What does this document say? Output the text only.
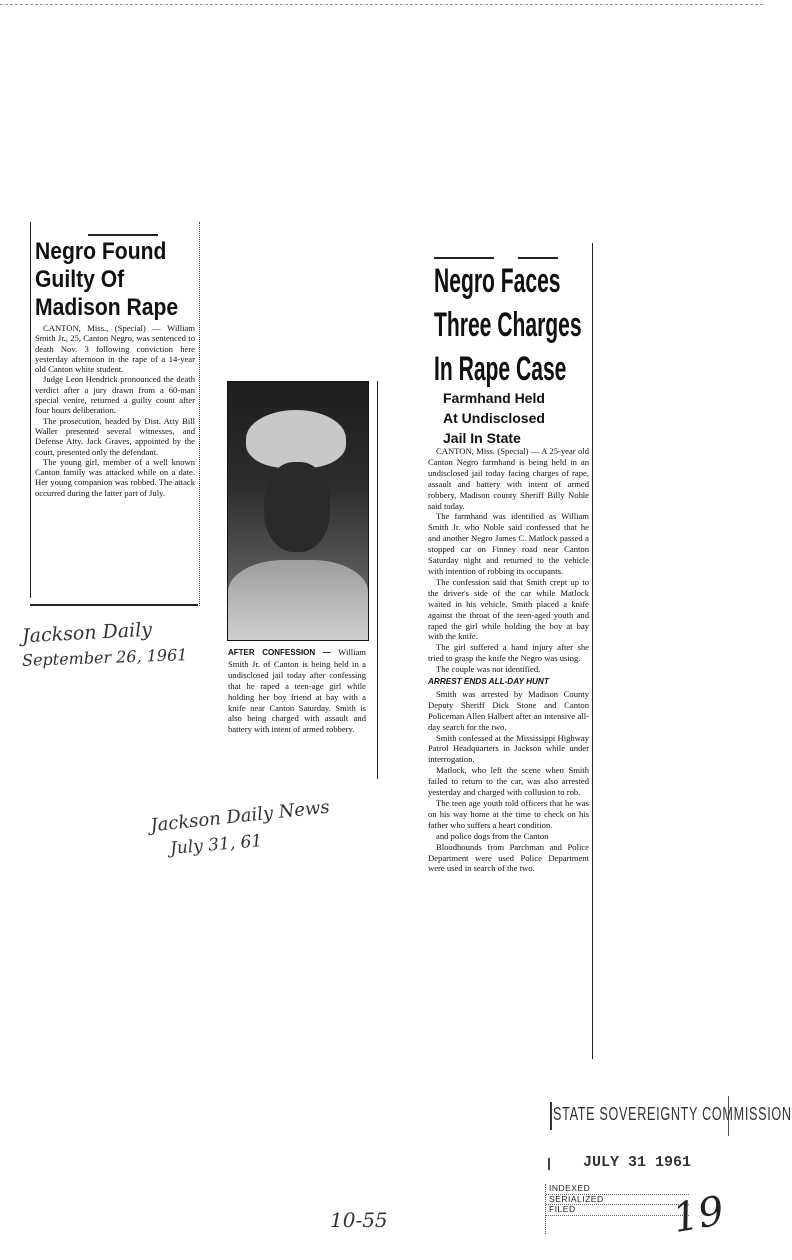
Negro Found
Guilty Of
Madison Rape

CANTON, Miss., (Special) — William Smith Jr., 25, Canton Negro, was sentenced to death Nov. 3 following conviction here yesterday afternoon in the rape of a 14-year old Canton white student.

Judge Leon Hendrick pronounced the death verdict after a jury drawn from a 60-man special venire, returned a guilty count after four hours deliberation.

The prosecution, headed by Dist. Atty Bill Waller presented several witnesses, and Defense Atty. Jack Graves, appointed by the court, presented only the defendant.

The young girl, member of a well known Canton family was attacked while on a date. Her young companion was robbed. The attack occurred during the latter part of July.

Jackson Daily
September 26, 1961	AFTER CONFESSION — William Smith Jr. of Canton is being held in a undisclosed jail today after confessing that he raped a teen-age girl while holding her boy friend at bay with a knife near Canton Saturday. Smith is also being charged with assault and battery with intent of armed robbery.
Jackson Daily News
July 31, 61
Negro Faces
Three Charges
In Rape Case
Farmhand Held
At Undisclosed
Jail In State

CANTON, Miss. (Special) — A 25-year old Canton Negro farmhand is being held in an undisclosed jail today facing charges of rape, assault and battery with intent of armed robbery, Madison county Sheriff Billy Noble said today.

The farmhand was identified as William Smith Jr. who Noble said confessed that he and another Negro James C. Matlock passed a stopped car on Finney road near Canton Saturday night and returned to the vehicle with intention of robbing its occupants.

The confession said that Smith crept up to the driver's side of the car while Matlock waited in his vehicle. Smith placed a knife against the throat of the teen-aged youth and raped the girl while holding the boy at bay with the knife.

The girl suffered a hand injury after she tried to grasp the knife the Negro was using.

The couple was not identified.

ARREST ENDS ALL-DAY HUNT

Smith was arrested by Madison County Deputy Sheriff Dick Stone and Canton Policeman Allen Halbert after an intensive all-day search for the two.

Smith confessed at the Mississippi Highway Patrol Headquarters in Jackson while under interrogation.

Matlock, who left the scene when Smith failed to return to the car, was also arrested yesterday and charged with collusion to rob.

The teen age youth told officers that he was on his way home at the time to check on his father who suffers a heart condition.

and police dogs from the Canton

Bloodhounds from Parchman and Police Department were used Police Department were used in search of the two.

10-55
STATE SOVEREIGNTY COMMISSION
JULY 31 1961
INDEXED
SERIALIZED
FILED	19
